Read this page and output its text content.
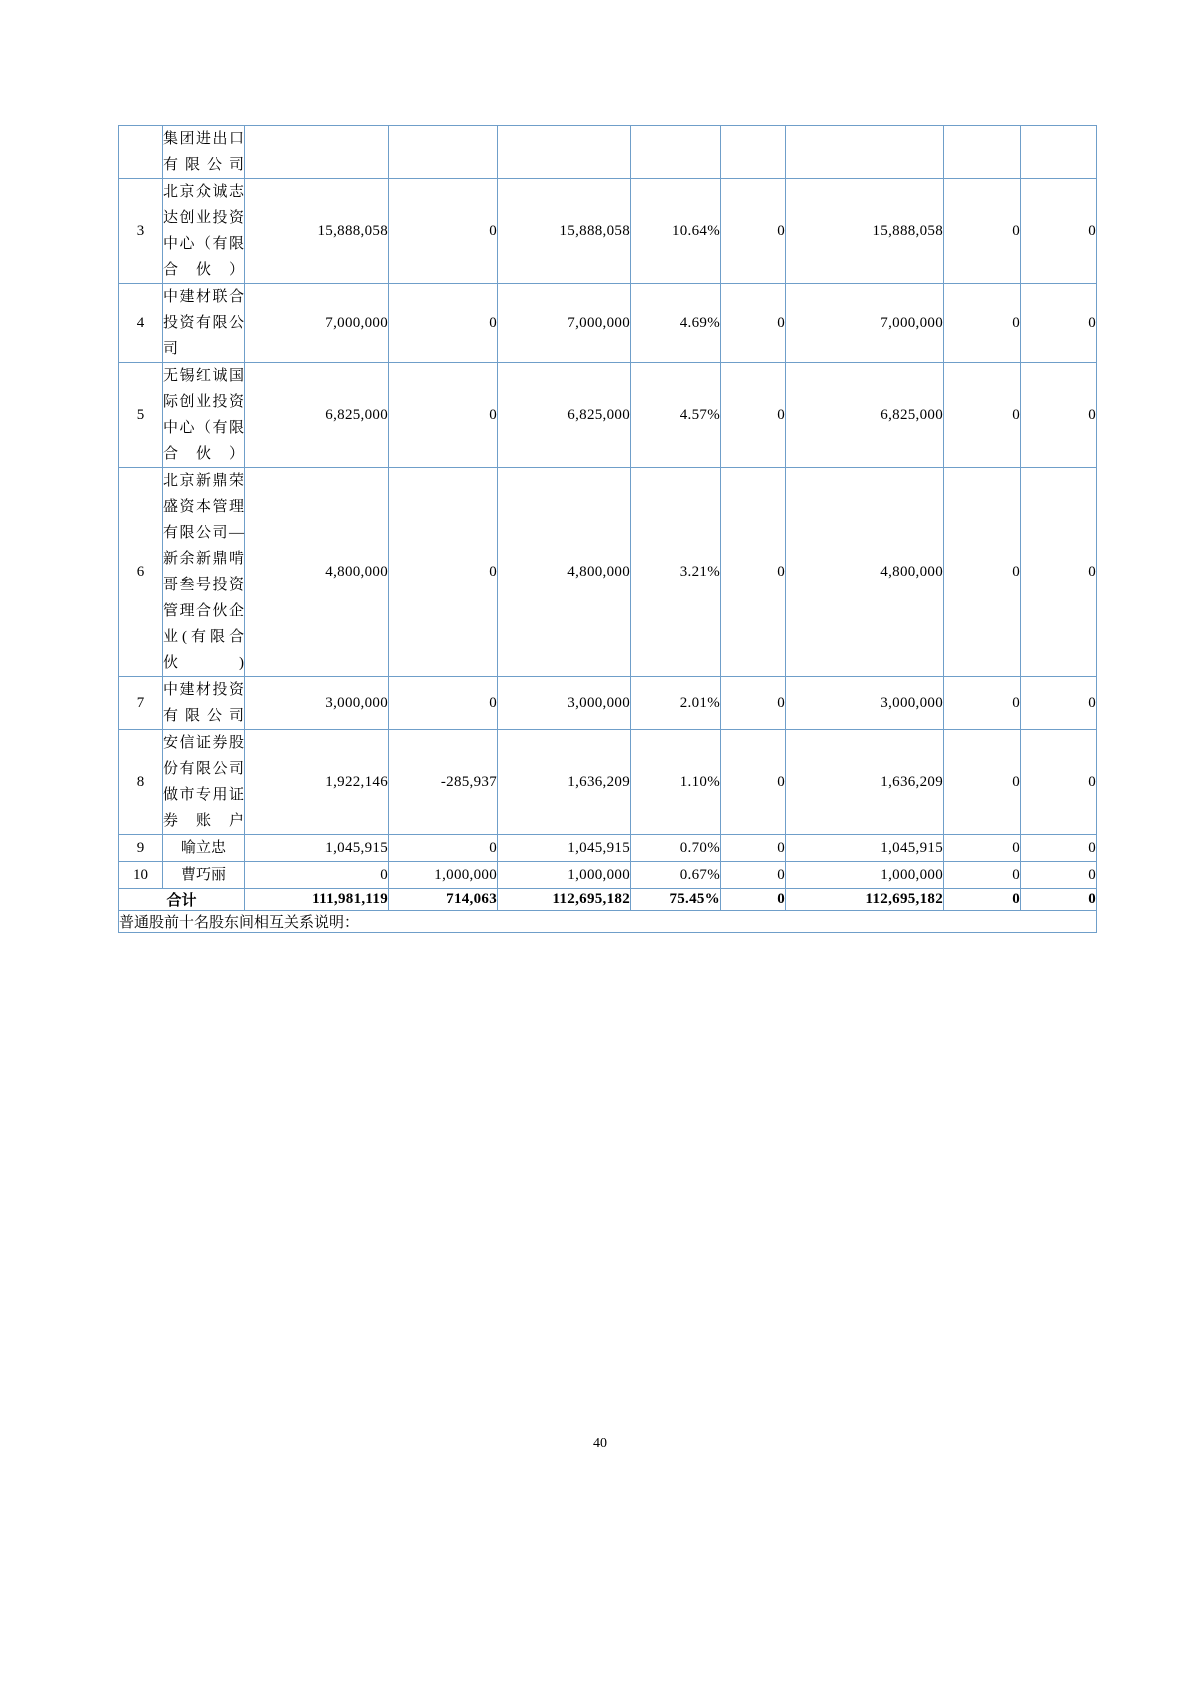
	集团进出口有限公司								
3	北京众诚志达创业投资中心（有限合伙）	15,888,058	0	15,888,058	10.64%	0	15,888,058	0	0
4	中建材联合投资有限公司	7,000,000	0	7,000,000	4.69%	0	7,000,000	0	0
5	无锡红诚国际创业投资中心（有限合伙）	6,825,000	0	6,825,000	4.57%	0	6,825,000	0	0
6	北京新鼎荣盛资本管理有限公司—新余新鼎啃哥叁号投资管理合伙企业(有限合伙)	4,800,000	0	4,800,000	3.21%	0	4,800,000	0	0
7	中建材投资有限公司	3,000,000	0	3,000,000	2.01%	0	3,000,000	0	0
8	安信证券股份有限公司做市专用证券账户	1,922,146	-285,937	1,636,209	1.10%	0	1,636,209	0	0
9	喻立忠	1,045,915	0	1,045,915	0.70%	0	1,045,915	0	0
10	曹巧丽	0	1,000,000	1,000,000	0.67%	0	1,000,000	0	0
合计		111,981,119	714,063	112,695,182	75.45%	0	112,695,182	0	0
普通股前十名股东间相互关系说明：									
40
